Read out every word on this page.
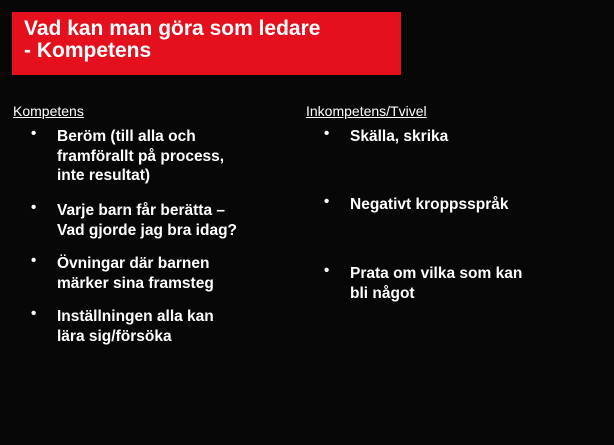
Vad kan man göra som ledare
- Kompetens
Kompetens
• Beröm (till alla och
framförallt på process,
inte resultat)
• Varje barn får berätta –
Vad gjorde jag bra idag?
• Övningar där barnen
märker sina framsteg
• Inställningen alla kan
lära sig/försöka
Inkompetens/Tvivel
• Skälla, skrika
• Negativt kroppsspråk
• Prata om vilka som kan
bli något
